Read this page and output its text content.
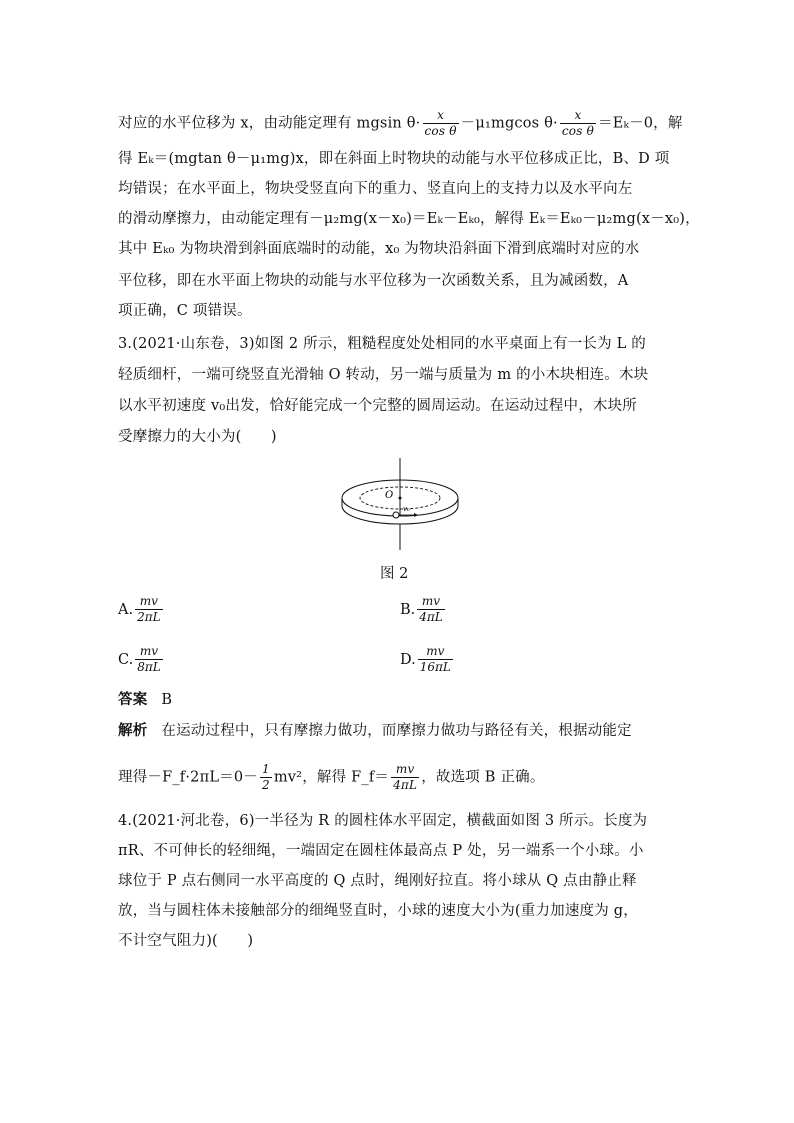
对应的水平位移为 x，由动能定理有 mgsin $\theta\cdot \frac{x}{\text{cos θ}} -\mu_1mgcos$ $\theta\cdot \frac{x}{\text{cos θ}} =E_k-0$，解
得 Eₖ＝(mgtan θ－μ₁mg)x，即在斜面上时物块的动能与水平位移成正比，B、D 项
均错误；在水平面上，物块受竖直向下的重力、竖直向上的支持力以及水平向左
的滑动摩擦力，由动能定理有－μ₂mg(x－x₀)＝Eₖ－Eₖ₀，解得 Eₖ＝Eₖ₀－μ₂mg(x－x₀)，
其中 Eₖ₀ 为物块滑到斜面底端时的动能，x₀ 为物块沿斜面下滑到底端时对应的水
平位移，即在水平面上物块的动能与水平位移为一次函数关系，且为减函数，A
项正确，C 项错误。
3.(2021·山东卷，3)如图 2 所示，粗糙程度处处相同的水平桌面上有一长为 L 的
轻质细杆，一端可绕竖直光滑轴 O 转动，另一端与质量为 m 的小木块相连。木块
以水平初速度 v₀出发，恰好能完成一个完整的圆周运动。在运动过程中，木块所
受摩擦力的大小为(　　)
O
v₀
图 2
A. $\frac{mv}{2\pi L}$	B. $\frac{mv}{4\pi L}$
C. $\frac{mv}{8\pi L}$	D. $\frac{mv}{16\pi L}$
答案 B
解析 在运动过程中，只有摩擦力做功，而摩擦力做功与路径有关，根据动能定
理得－F_f·2πL＝0－ $\frac{1}{2} mv^2$，解得 F_f＝ $\frac{mv}{4\pi L}$ ，故选项 B 正确。
4.(2021·河北卷，6)一半径为 R 的圆柱体水平固定，横截面如图 3 所示。长度为
πR、不可伸长的轻细绳，一端固定在圆柱体最高点 P 处，另一端系一个小球。小
球位于 P 点右侧同一水平高度的 Q 点时，绳刚好拉直。将小球从 Q 点由静止释
放，当与圆柱体未接触部分的细绳竖直时，小球的速度大小为(重力加速度为 g，
不计空气阻力)(　　)
